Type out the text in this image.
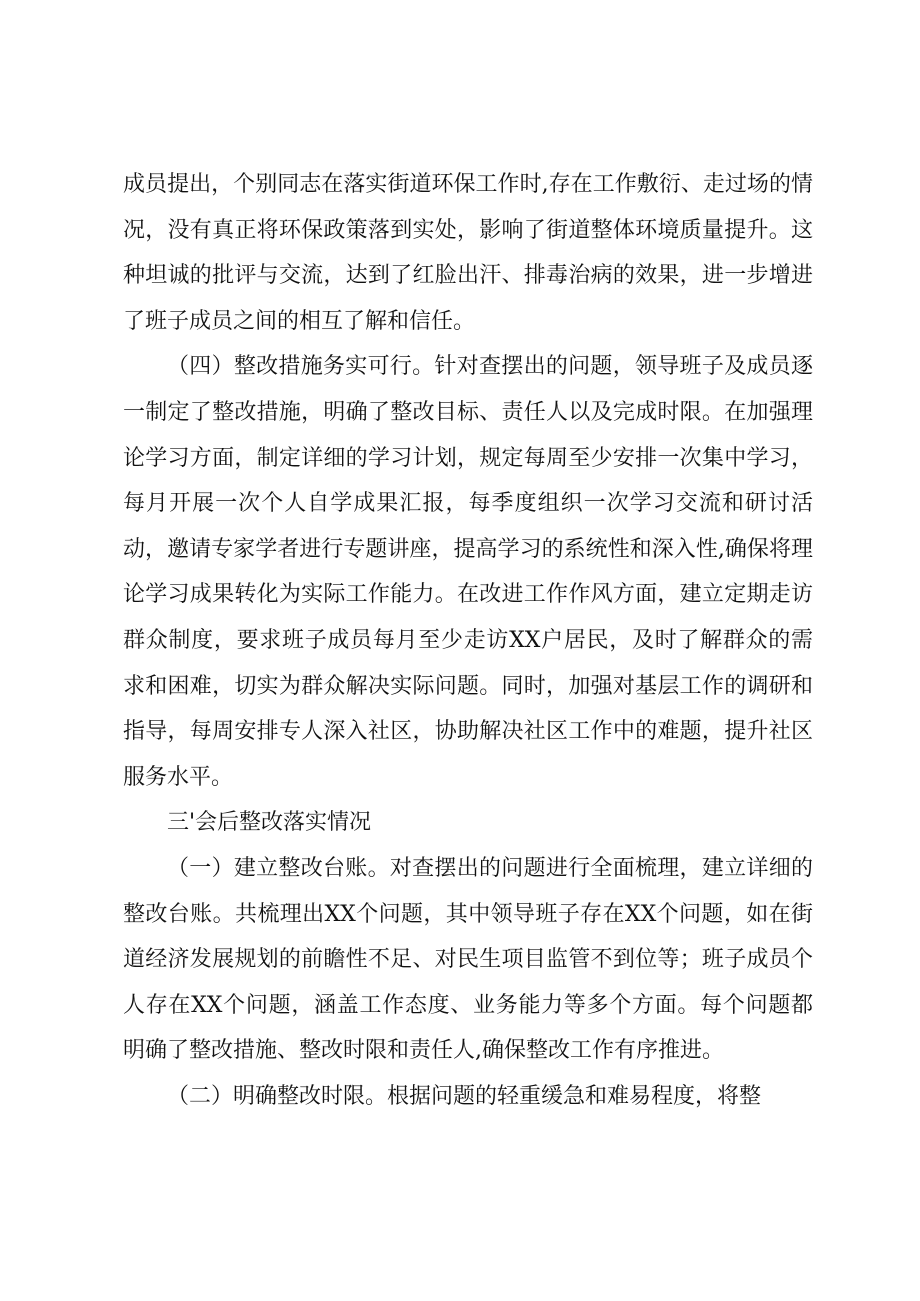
成员提出，个别同志在落实街道环保工作时,存在工作敷衍、走过场的情况，没有真正将环保政策落到实处，影响了街道整体环境质量提升。这种坦诚的批评与交流，达到了红脸出汗、排毒治病的效果，进一步增进了班子成员之间的相互了解和信任。

（四）整改措施务实可行。针对查摆出的问题，领导班子及成员逐一制定了整改措施，明确了整改目标、责任人以及完成时限。在加强理论学习方面，制定详细的学习计划，规定每周至少安排一次集中学习，每月开展一次个人自学成果汇报，每季度组织一次学习交流和研讨活动，邀请专家学者进行专题讲座，提高学习的系统性和深入性,确保将理论学习成果转化为实际工作能力。在改进工作作风方面，建立定期走访群众制度，要求班子成员每月至少走访XX户居民，及时了解群众的需求和困难，切实为群众解决实际问题。同时，加强对基层工作的调研和指导，每周安排专人深入社区，协助解决社区工作中的难题，提升社区服务水平。

三'会后整改落实情况

（一）建立整改台账。对查摆出的问题进行全面梳理，建立详细的整改台账。共梳理出XX个问题，其中领导班子存在XX个问题，如在街道经济发展规划的前瞻性不足、对民生项目监管不到位等；班子成员个人存在XX个问题，涵盖工作态度、业务能力等多个方面。每个问题都明确了整改措施、整改时限和责任人,确保整改工作有序推进。

（二）明确整改时限。根据问题的轻重缓急和难易程度，将整
